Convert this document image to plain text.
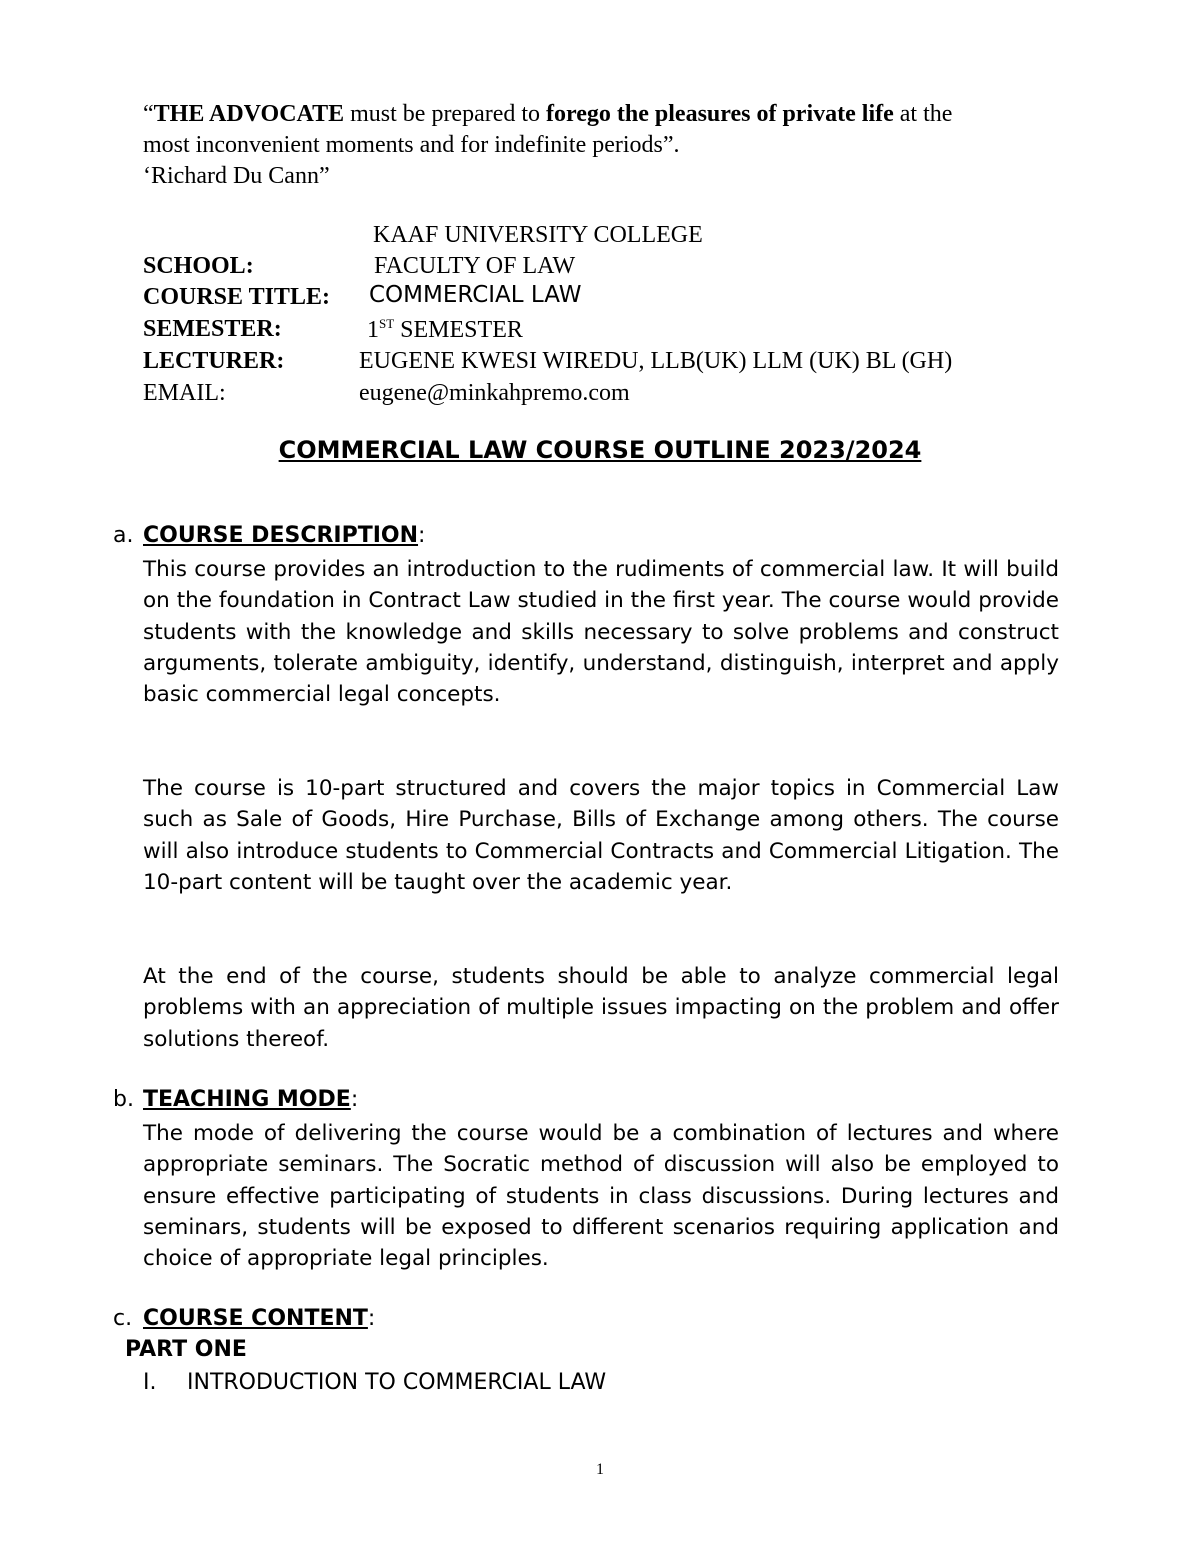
“THE ADVOCATE must be prepared to forego the pleasures of private life at the
most inconvenient moments and for indefinite periods”.
‘Richard Du Cann”
KAAF UNIVERSITY COLLEGE
SCHOOL:	FACULTY OF LAW
COURSE TITLE: COMMERCIAL LAW
SEMESTER:	1ST SEMESTER
LECTURER:	EUGENE KWESI WIREDU, LLB(UK) LLM (UK) BL (GH)
EMAIL:	eugene@minkahpremo.com
COMMERCIAL LAW COURSE OUTLINE 2023/2024
a. COURSE DESCRIPTION:
This course provides an introduction to the rudiments of commercial law. It will build on the foundation in Contract Law studied in the first year. The course would provide students with the knowledge and skills necessary to solve problems and construct arguments, tolerate ambiguity, identify, understand, distinguish, interpret and apply basic commercial legal concepts.
The course is 10-part structured and covers the major topics in Commercial Law such as Sale of Goods, Hire Purchase, Bills of Exchange among others. The course will also introduce students to Commercial Contracts and Commercial Litigation. The 10-part content will be taught over the academic year.
At the end of the course, students should be able to analyze commercial legal problems with an appreciation of multiple issues impacting on the problem and offer solutions thereof.
b. TEACHING MODE:
The mode of delivering the course would be a combination of lectures and where appropriate seminars. The Socratic method of discussion will also be employed to ensure effective participating of students in class discussions. During lectures and seminars, students will be exposed to different scenarios requiring application and choice of appropriate legal principles.
c. COURSE CONTENT:
PART ONE
I. INTRODUCTION TO COMMERCIAL LAW
1
